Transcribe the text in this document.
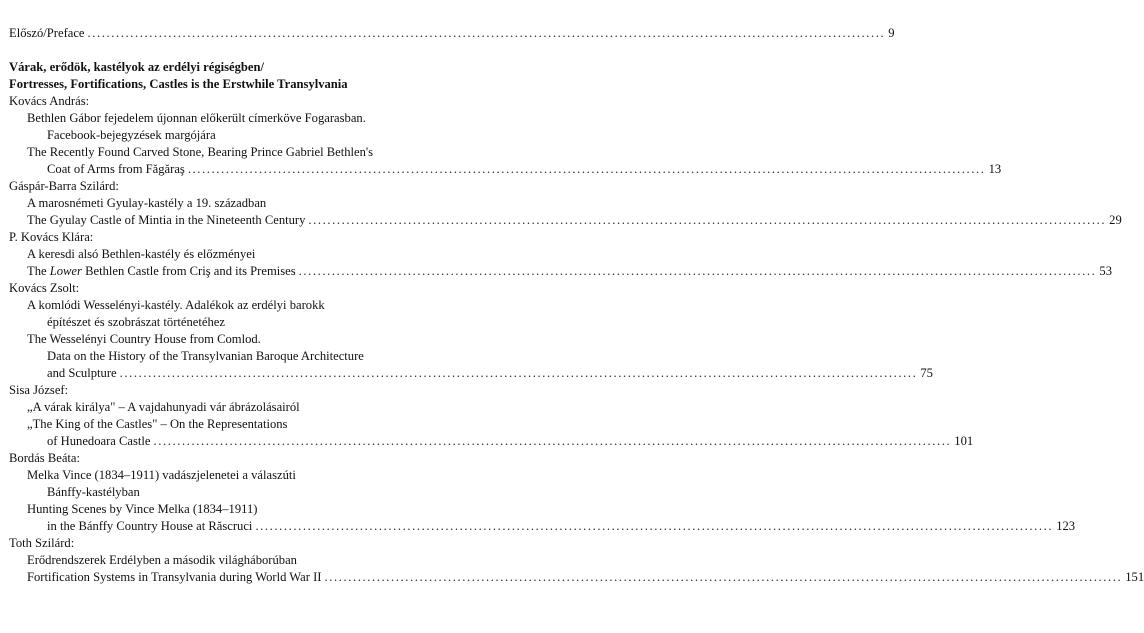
Előszó/Preface .....	9
Várak, erődök, kastélyok az erdélyi régiségben/
Fortresses, Fortifications, Castles is the Erstwhile Transylvania
Kovács András:
Bethlen Gábor fejedelem újonnan előkerült címerköve Fogarasban.
Facebook-bejegyzések margójára
The Recently Found Carved Stone, Bearing Prince Gabriel Bethlen's
Coat of Arms from Făgăraş .....	13
Gáspár-Barra Szilárd:
A marosnémeti Gyulay-kastély a 19. században
The Gyulay Castle of Mintia in the Nineteenth Century .....	29
P. Kovács Klára:
A keresdi alsó Bethlen-kastély és előzményei
The Lower Bethlen Castle from Criş and its Premises .....	53
Kovács Zsolt:
A komlódi Wesselényi-kastély. Adalékok az erdélyi barokk
építészet és szobrászat történetéhez
The Wesselényi Country House from Comlod.
Data on the History of the Transylvanian Baroque Architecture
and Sculpture .....	75
Sisa József:
„A várak királya" – A vajdahunyadi vár ábrázolásairól
„The King of the Castles" – On the Representations
of Hunedoara Castle .....	101
Bordás Beáta:
Melka Vince (1834–1911) vadászjelenetei a válaszúti
Bánffy-kastélyban
Hunting Scenes by Vince Melka (1834–1911)
in the Bánffy Country House at Răscruci .....	123
Toth Szilárd:
Erődrendszerek Erdélyben a második világháborúban
Fortification Systems in Transylvania during World War II .....	151
